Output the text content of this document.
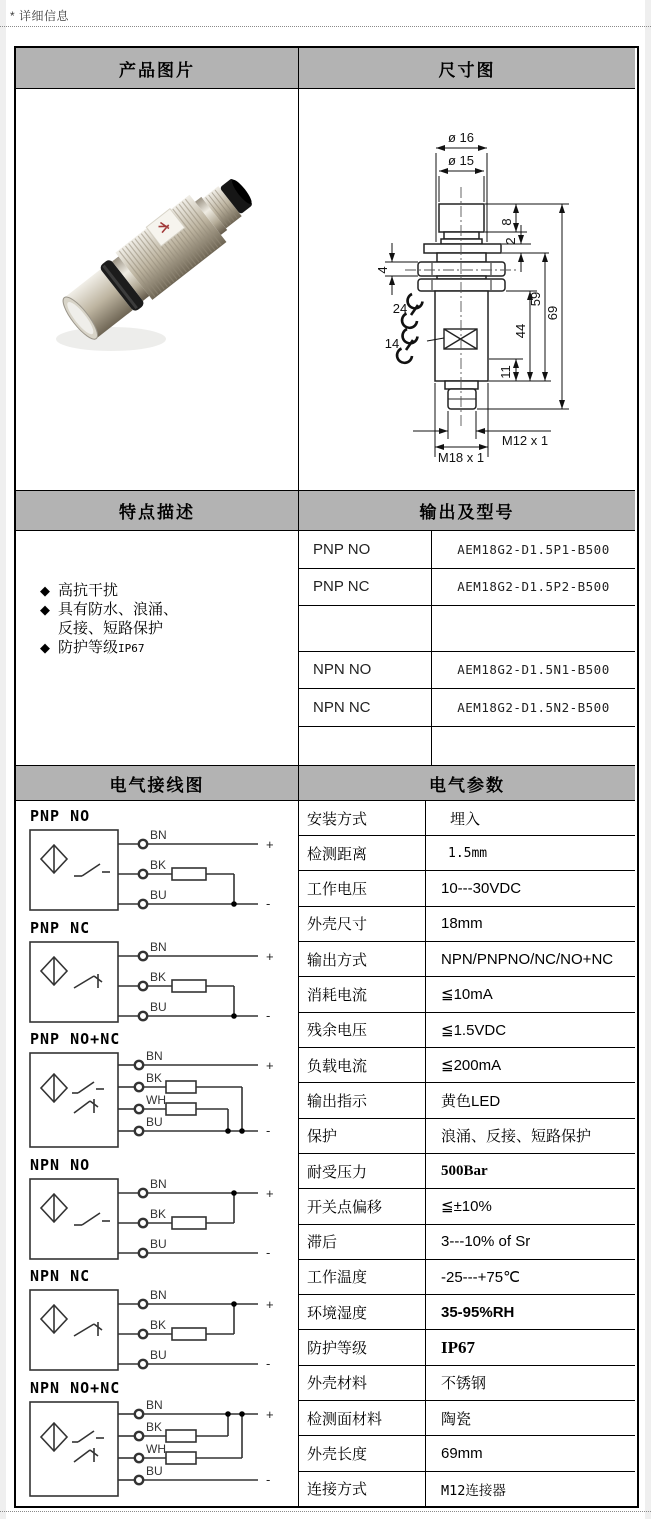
* 详细信息
产品图片	尺寸图
ø 16
ø 15
8
2
4
59
44
69
11
24
14
M12 x 1
M18 x 1
特点描述	输出及型号
◆ 高抗干扰
◆ 具有防水、浪涌、
反接、短路保护
◆ 防护等级IP67
PNP NO	AEM18G2-D1.5P1-B500
PNP NC	AEM18G2-D1.5P2-B500

NPN NO	AEM18G2-D1.5N1-B500
NPN NC	AEM18G2-D1.5N2-B500

电气接线图	电气参数
PNP NO
BN
BK
BU
+
-
PNP NC
BN
BK
BU
+
-
PNP NO+NC
BN
BK
WH
BU
+
-
NPN NO
BN
BK
BU
+
-
NPN NC
BN
BK
BU
+
-
NPN NO+NC
BN
BK
WH
BU
+
-
安装方式	埋入
检测距离	1.5mm
工作电压	10---30VDC
外壳尺寸	18mm
输出方式	NPN/PNPNO/NC/NO+NC
消耗电流	≦10mA
残余电压	≦1.5VDC
负载电流	≦200mA
输出指示	黄色LED
保护	浪涌、反接、短路保护
耐受压力	500Bar
开关点偏移	≦±10%
滞后	3---10% of Sr
工作温度	-25---+75℃
环境湿度	35-95%RH
防护等级	IP67
外壳材料	不锈钢
检测面材料	陶瓷
外壳长度	69mm
连接方式	M12连接器
